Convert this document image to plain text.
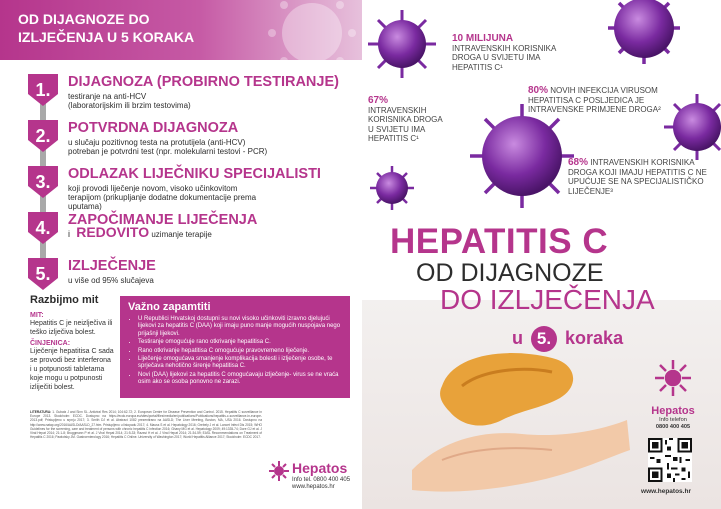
OD DIJAGNOZE DO IZLJEČENJA U 5 KORAKA
1.	DIJAGNOZA (PROBIRNO TESTIRANJE)
testiranje na anti-HCV (laboratorijskim ili brzim testovima)
2.	POTVRDNA DIJAGNOZA
u slučaju pozitivnog testa na protutijela (anti-HCV) potreban je potvrdni test (npr. molekularni testovi - PCR)
3.	ODLAZAK LIJEČNIKU SPECIJALISTI
koji provodi liječenje novom, visoko učinkovitom terapijom (prikupljanje dodatne dokumentacije prema uputama)
4.	ZAPOČIMANJE LIJEČENJA
i REDOVITO uzimanje terapije
5.	IZLJEČENJE
u više od 95% slučajeva
Razbijmo mit
MIT:
Hepatitis C je neizlječiva ili teško izlječiva bolest.
ČINJENICA:
Liječenje hepatitisa C sada se provodi bez interferona i u potpunosti tabletama koje mogu u potpunosti izliječiti bolest.
Važno zapamtiti
• U Republici Hrvatskoj dostupni su novi visoko učinkoviti izravno djelujući lijekovi za hepatitis C (DAA) koji imaju puno manje mogućih nuspojava nego prijašnji lijekovi.
• Testiranje omogućuje rano otkrivanje hepatitisa C.
• Rano otkrivanje hepatitisa C omogućuje pravovremeno liječenje.
• Liječenje omogućava smanjenje komplikacija bolesti i izlječenje osobe, te sprječava nehotično širenje hepatitisa C.
• Novi (DAA) lijekovi za hepatitis C omogućavaju izlječenje- virus se ne vraća osim ako se osoba ponovno ne zarazi.
LITERATURA: 1. Gubatz J and Sinn SL. Antiviral Res 2014; 104:62-72; 2. European Centre for Disease Prevention and Control. 2015. Hepatitis C surveillance in Europe 2013. Stockholm: ECDC. Dostupno na https://ecdc.europa.eu/sites/portal/files/media/en/publications/Publications/hepatitis-c-surveillance-in-europe-2013.pdf; Pristupljeno u srpnju 2017; 3. Smith DJ et al. Abstract 1082 prezentirano na AASLD; The Liver Meeting, Boston, MA, USA 2016. Dostupno na http://www.natap.org/2016/AASLD/AASLD_27.htm. Pristupljeno u listopadu 2017; 4. Mauss S et al. Hepatology 2016; Grebely J et al. Lancet Infect Dis 2015; WHO Guidelines for the screening, care and treatment of persons with chronic hepatitis C infection 2016; Ghany MG et al. Hepatology 2009; 49:1335-74; Dore GJ et al. J Viral Hepat 2014; 21:1-8; Bruggmann P et al. J Viral Hepat 2014; 21:5-33; Razavi H et al. J Viral Hepat 2014; 21:34-59; EASL Recommendations on Treatment of Hepatitis C 2016; Pawlotsky JM. Gastroenterology 2016; Hepatitis C Online. University of Washington 2017; World Hepatitis Alliance 2017; Stockholm: ECDC 2017.
Hepatos
Info tel. 0800 400 405 www.hepatos.hr
10 MILIJUNA
INTRAVENSKIH KORISNIKA DROGA U SVIJETU IMA HEPATITIS C¹
67% INTRAVENSKIH KORISNIKA DROGA U SVIJETU IMA HEPATITIS C¹
80% NOVIH INFEKCIJA VIRUSOM HEPATITISA C POSLJEDICA JE INTRAVENSKE PRIMJENE DROGA²
68% INTRAVENSKIH KORISNIKA DROGA KOJI IMAJU HEPATITIS C NE UPUĆUJE SE NA SPECIJALISTIČKO LIJEČENJE³
HEPATITIS C
OD DIJAGNOZE
DO IZLJEČENJA
u 5. koraka
Hepatos
Info telefon
0800 400 405
www.hepatos.hr
